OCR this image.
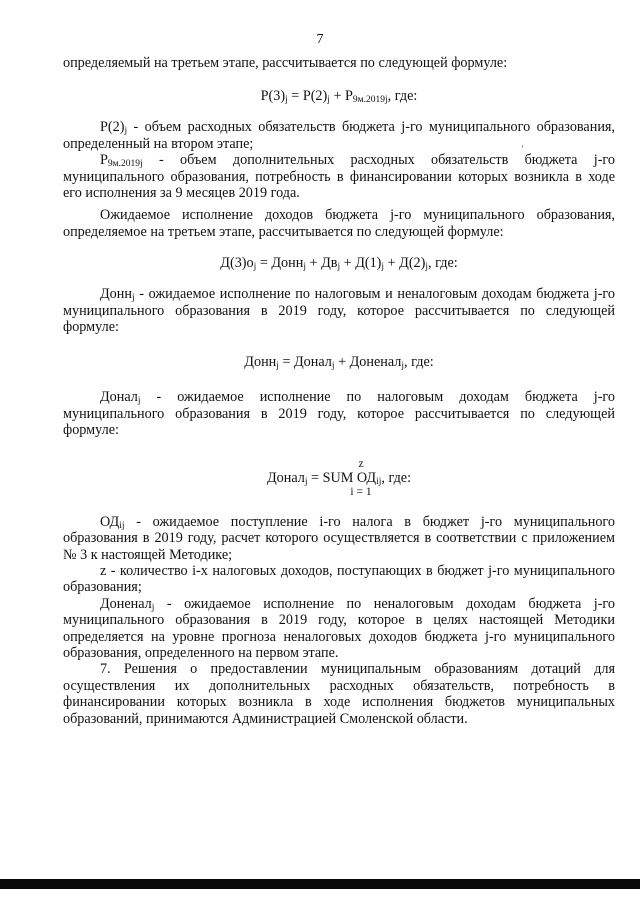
7
ʼ

определяемый на третьем этапе, рассчитывается по следующей формуле:

$Р(3)_j = Р(2)_j + Р_{9м.2019j}$, где:

$Р(2)_j$ - объем расходных обязательств бюджета j-го муниципального образования, определенный на втором этапе;

$Р_{9м.2019j}$ - объем дополнительных расходных обязательств бюджета j-го муниципального образования, потребность в финансировании которых возникла в ходе его исполнения за 9 месяцев 2019 года.

Ожидаемое исполнение доходов бюджета j-го муниципального образования, определяемое на третьем этапе, рассчитывается по следующей формуле:

$Д(3)о_j$ = Донн$_j$ + $Дв_j + Д(1)_j + Д(2)_j$, где:

Донн$_j$ - ожидаемое исполнение по налоговым и неналоговым доходам бюджета j-го муниципального образования в 2019 году, которое рассчитывается по следующей формуле:

Донн$_j$ = Донал$_j$ + Доненал$_j$, где:

Донал$_j$ - ожидаемое исполнение по налоговым доходам бюджета j-го муниципального образования в 2019 году, которое рассчитывается по следующей формуле:

z
Донал$_j$ = SUM $ОД_{ij}$, где:
i = 1

$ОД_{ij}$ - ожидаемое поступление i-го налога в бюджет j-го муниципального образования в 2019 году, расчет которого осуществляется в соответствии с приложением № 3 к настоящей Методике;

z - количество i-х налоговых доходов, поступающих в бюджет j-го муниципального образования;

Доненал$_j$ - ожидаемое исполнение по неналоговым доходам бюджета j-го муниципального образования в 2019 году, которое в целях настоящей Методики определяется на уровне прогноза неналоговых доходов бюджета j-го муниципального образования, определенного на первом этапе.

7. Решения о предоставлении муниципальным образованиям дотаций для осуществления их дополнительных расходных обязательств, потребность в финансировании которых возникла в ходе исполнения бюджетов муниципальных образований, принимаются Администрацией Смоленской области.
